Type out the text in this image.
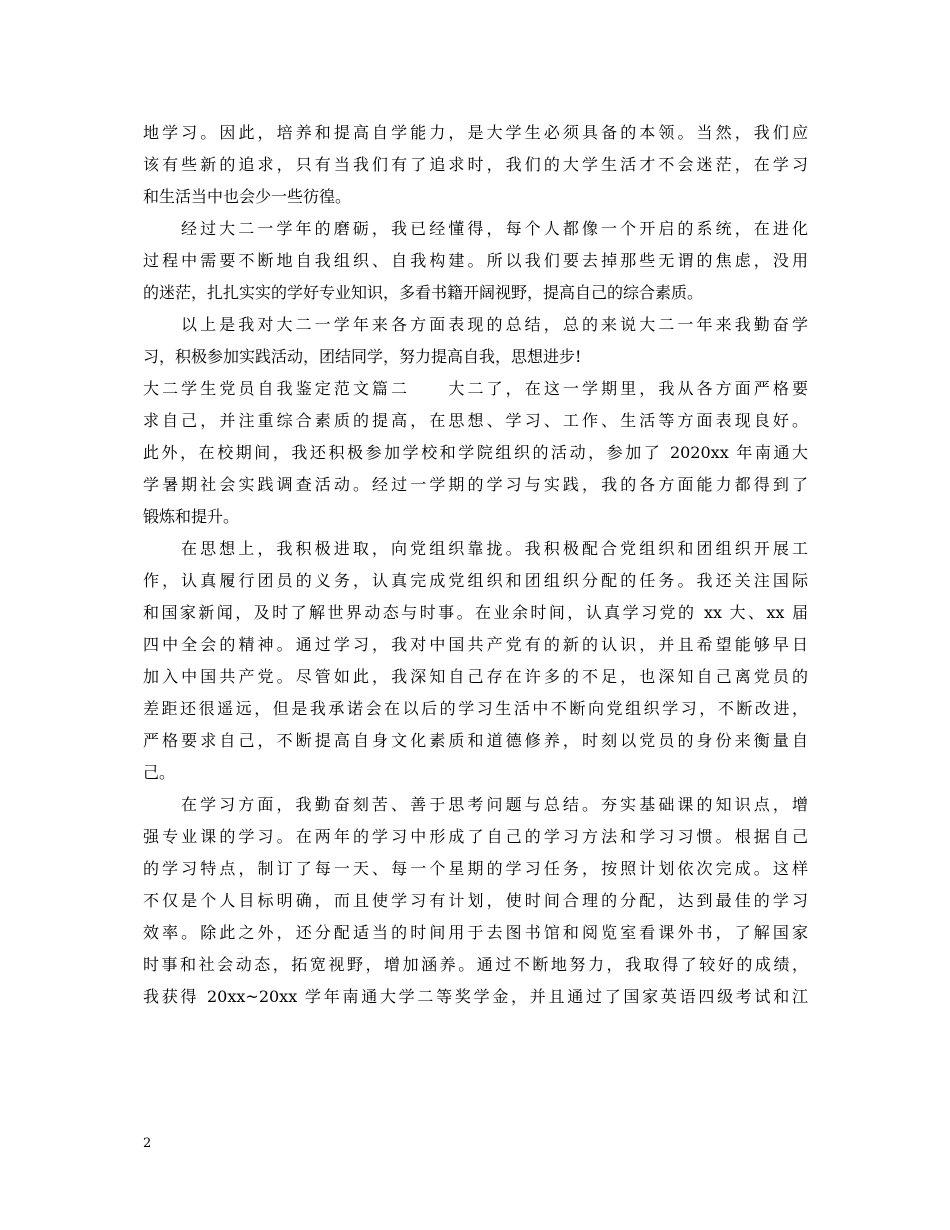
地学习。因此，培养和提高自学能力，是大学生必须具备的本领。当然，我们应
该有些新的追求，只有当我们有了追求时，我们的大学生活才不会迷茫，在学习
和生活当中也会少一些彷徨。
经过大二一学年的磨砺，我已经懂得，每个人都像一个开启的系统，在进化
过程中需要不断地自我组织、自我构建。所以我们要去掉那些无谓的焦虑，没用
的迷茫，扎扎实实的学好专业知识，多看书籍开阔视野，提高自己的综合素质。
以上是我对大二一学年来各方面表现的总结，总的来说大二一年来我勤奋学
习，积极参加实践活动，团结同学，努力提高自我，思想进步!
大二学生党员自我鉴定范文篇二　　大二了，在这一学期里，我从各方面严格要
求自己，并注重综合素质的提高，在思想、学习、工作、生活等方面表现良好。
此外，在校期间，我还积极参加学校和学院组织的活动，参加了 2020xx 年南通大
学暑期社会实践调查活动。经过一学期的学习与实践，我的各方面能力都得到了
锻炼和提升。
在思想上，我积极进取，向党组织靠拢。我积极配合党组织和团组织开展工
作，认真履行团员的义务，认真完成党组织和团组织分配的任务。我还关注国际
和国家新闻，及时了解世界动态与时事。在业余时间，认真学习党的 xx 大、xx 届
四中全会的精神。通过学习，我对中国共产党有的新的认识，并且希望能够早日
加入中国共产党。尽管如此，我深知自己存在许多的不足，也深知自己离党员的
差距还很遥远，但是我承诺会在以后的学习生活中不断向党组织学习，不断改进，
严格要求自己，不断提高自身文化素质和道德修养，时刻以党员的身份来衡量自
己。
在学习方面，我勤奋刻苦、善于思考问题与总结。夯实基础课的知识点，增
强专业课的学习。在两年的学习中形成了自己的学习方法和学习习惯。根据自己
的学习特点，制订了每一天、每一个星期的学习任务，按照计划依次完成。这样
不仅是个人目标明确，而且使学习有计划，使时间合理的分配，达到最佳的学习
效率。除此之外，还分配适当的时间用于去图书馆和阅览室看课外书，了解国家
时事和社会动态，拓宽视野，增加涵养。通过不断地努力，我取得了较好的成绩，
我获得 20xx~20xx 学年南通大学二等奖学金，并且通过了国家英语四级考试和江
2
